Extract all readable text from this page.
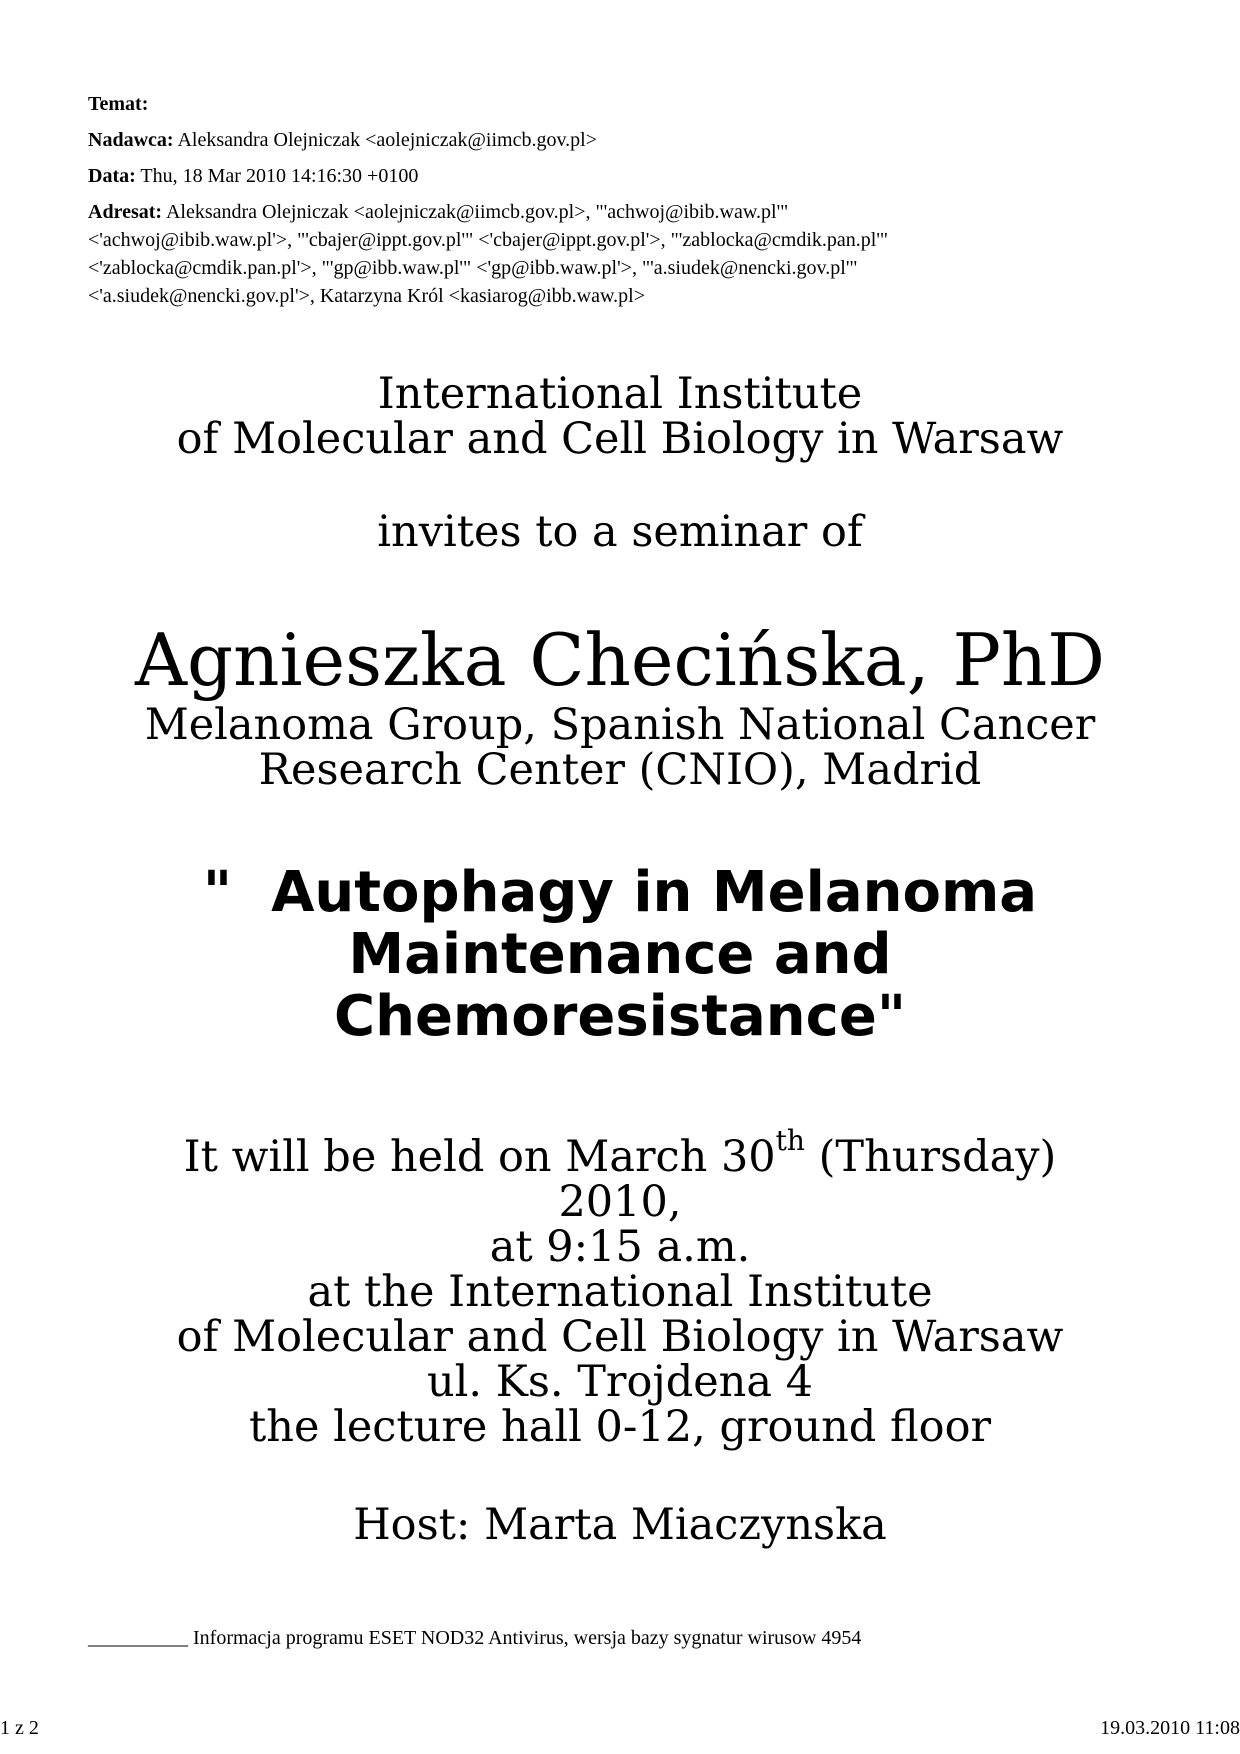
Temat:
Nadawca: Aleksandra Olejniczak <aolejniczak@iimcb.gov.pl>
Data: Thu, 18 Mar 2010 14:16:30 +0100
Adresat: Aleksandra Olejniczak <aolejniczak@iimcb.gov.pl>, "'achwoj@ibib.waw.pl'"
<'achwoj@ibib.waw.pl'>, "'cbajer@ippt.gov.pl'" <'cbajer@ippt.gov.pl'>, "'zablocka@cmdik.pan.pl'"
<'zablocka@cmdik.pan.pl'>, "'gp@ibb.waw.pl'" <'gp@ibb.waw.pl'>, "'a.siudek@nencki.gov.pl'"
<'a.siudek@nencki.gov.pl'>, Katarzyna Król <kasiarog@ibb.waw.pl>
International Institute
of Molecular and Cell Biology in Warsaw
invites to a seminar of
Agnieszka Checińska, PhD
Melanoma Group, Spanish National Cancer
Research Center (CNIO), Madrid
"  Autophagy in Melanoma
Maintenance and
Chemoresistance"
It will be held on March 30th (Thursday)
2010,
at 9:15 a.m.
at the International Institute
of Molecular and Cell Biology in Warsaw
ul. Ks. Trojdena 4
the lecture hall 0-12, ground floor
Host: Marta Miaczynska
__________ Informacja programu ESET NOD32 Antivirus, wersja bazy sygnatur wirusow 4954
1 z 2	19.03.2010 11:08
